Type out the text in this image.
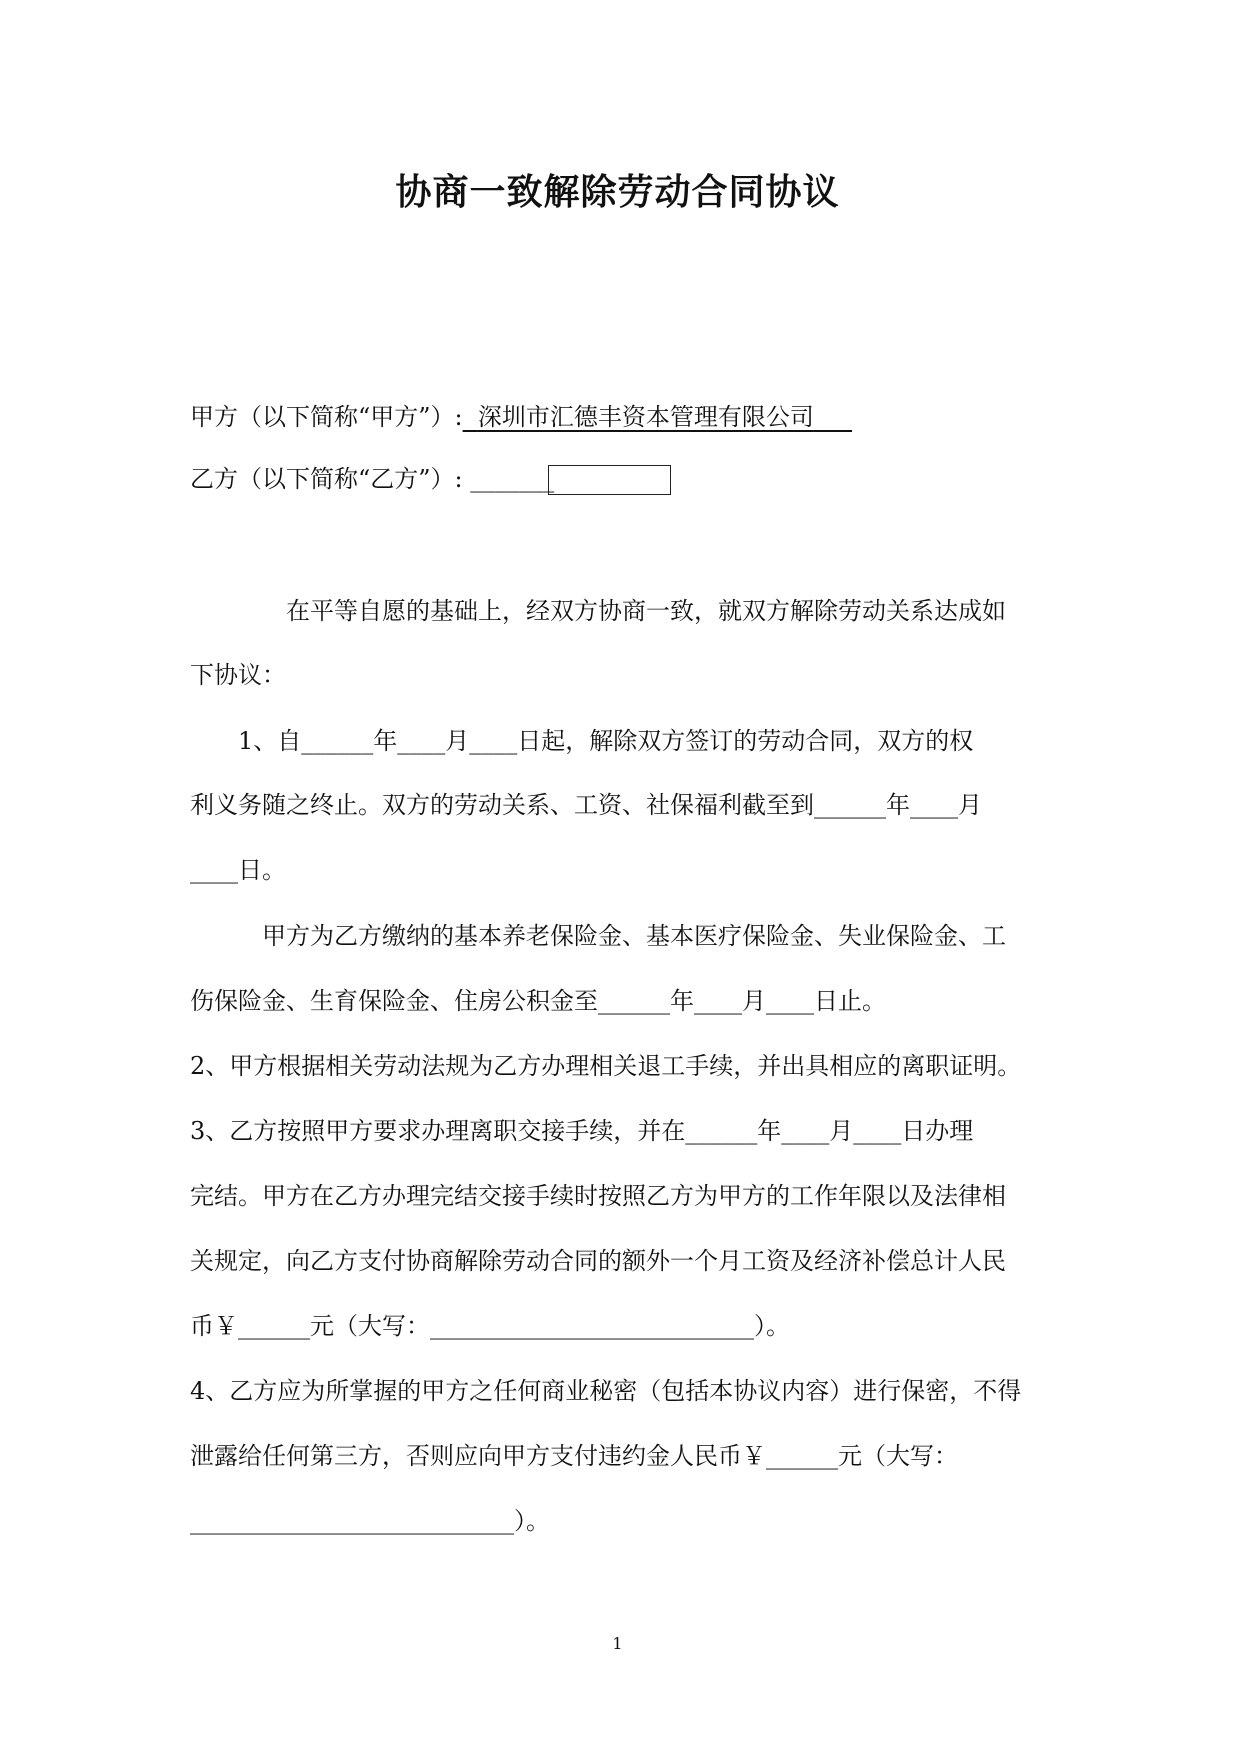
协商一致解除劳动合同协议
甲方（以下简称“甲方”）: 深圳市汇德丰资本管理有限公司
乙方（以下简称“乙方”）: _______
在平等自愿的基础上，经双方协商一致，就双方解除劳动关系达成如
下协议：
1、自______年____月____日起，解除双方签订的劳动合同，双方的权
利义务随之终止。双方的劳动关系、工资、社保福利截至到______年____月
____日。
甲方为乙方缴纳的基本养老保险金、基本医疗保险金、失业保险金、工
伤保险金、生育保险金、住房公积金至______年____月____日止。
2、甲方根据相关劳动法规为乙方办理相关退工手续，并出具相应的离职证明。
3、乙方按照甲方要求办理离职交接手续，并在______年____月____日办理
完结。甲方在乙方办理完结交接手续时按照乙方为甲方的工作年限以及法律相
关规定，向乙方支付协商解除劳动合同的额外一个月工资及经济补偿总计人民
币￥______元（大写：___________________________）。
4、乙方应为所掌握的甲方之任何商业秘密（包括本协议内容）进行保密，不得
泄露给任何第三方，否则应向甲方支付违约金人民币￥______元（大写：
___________________________）。
1
